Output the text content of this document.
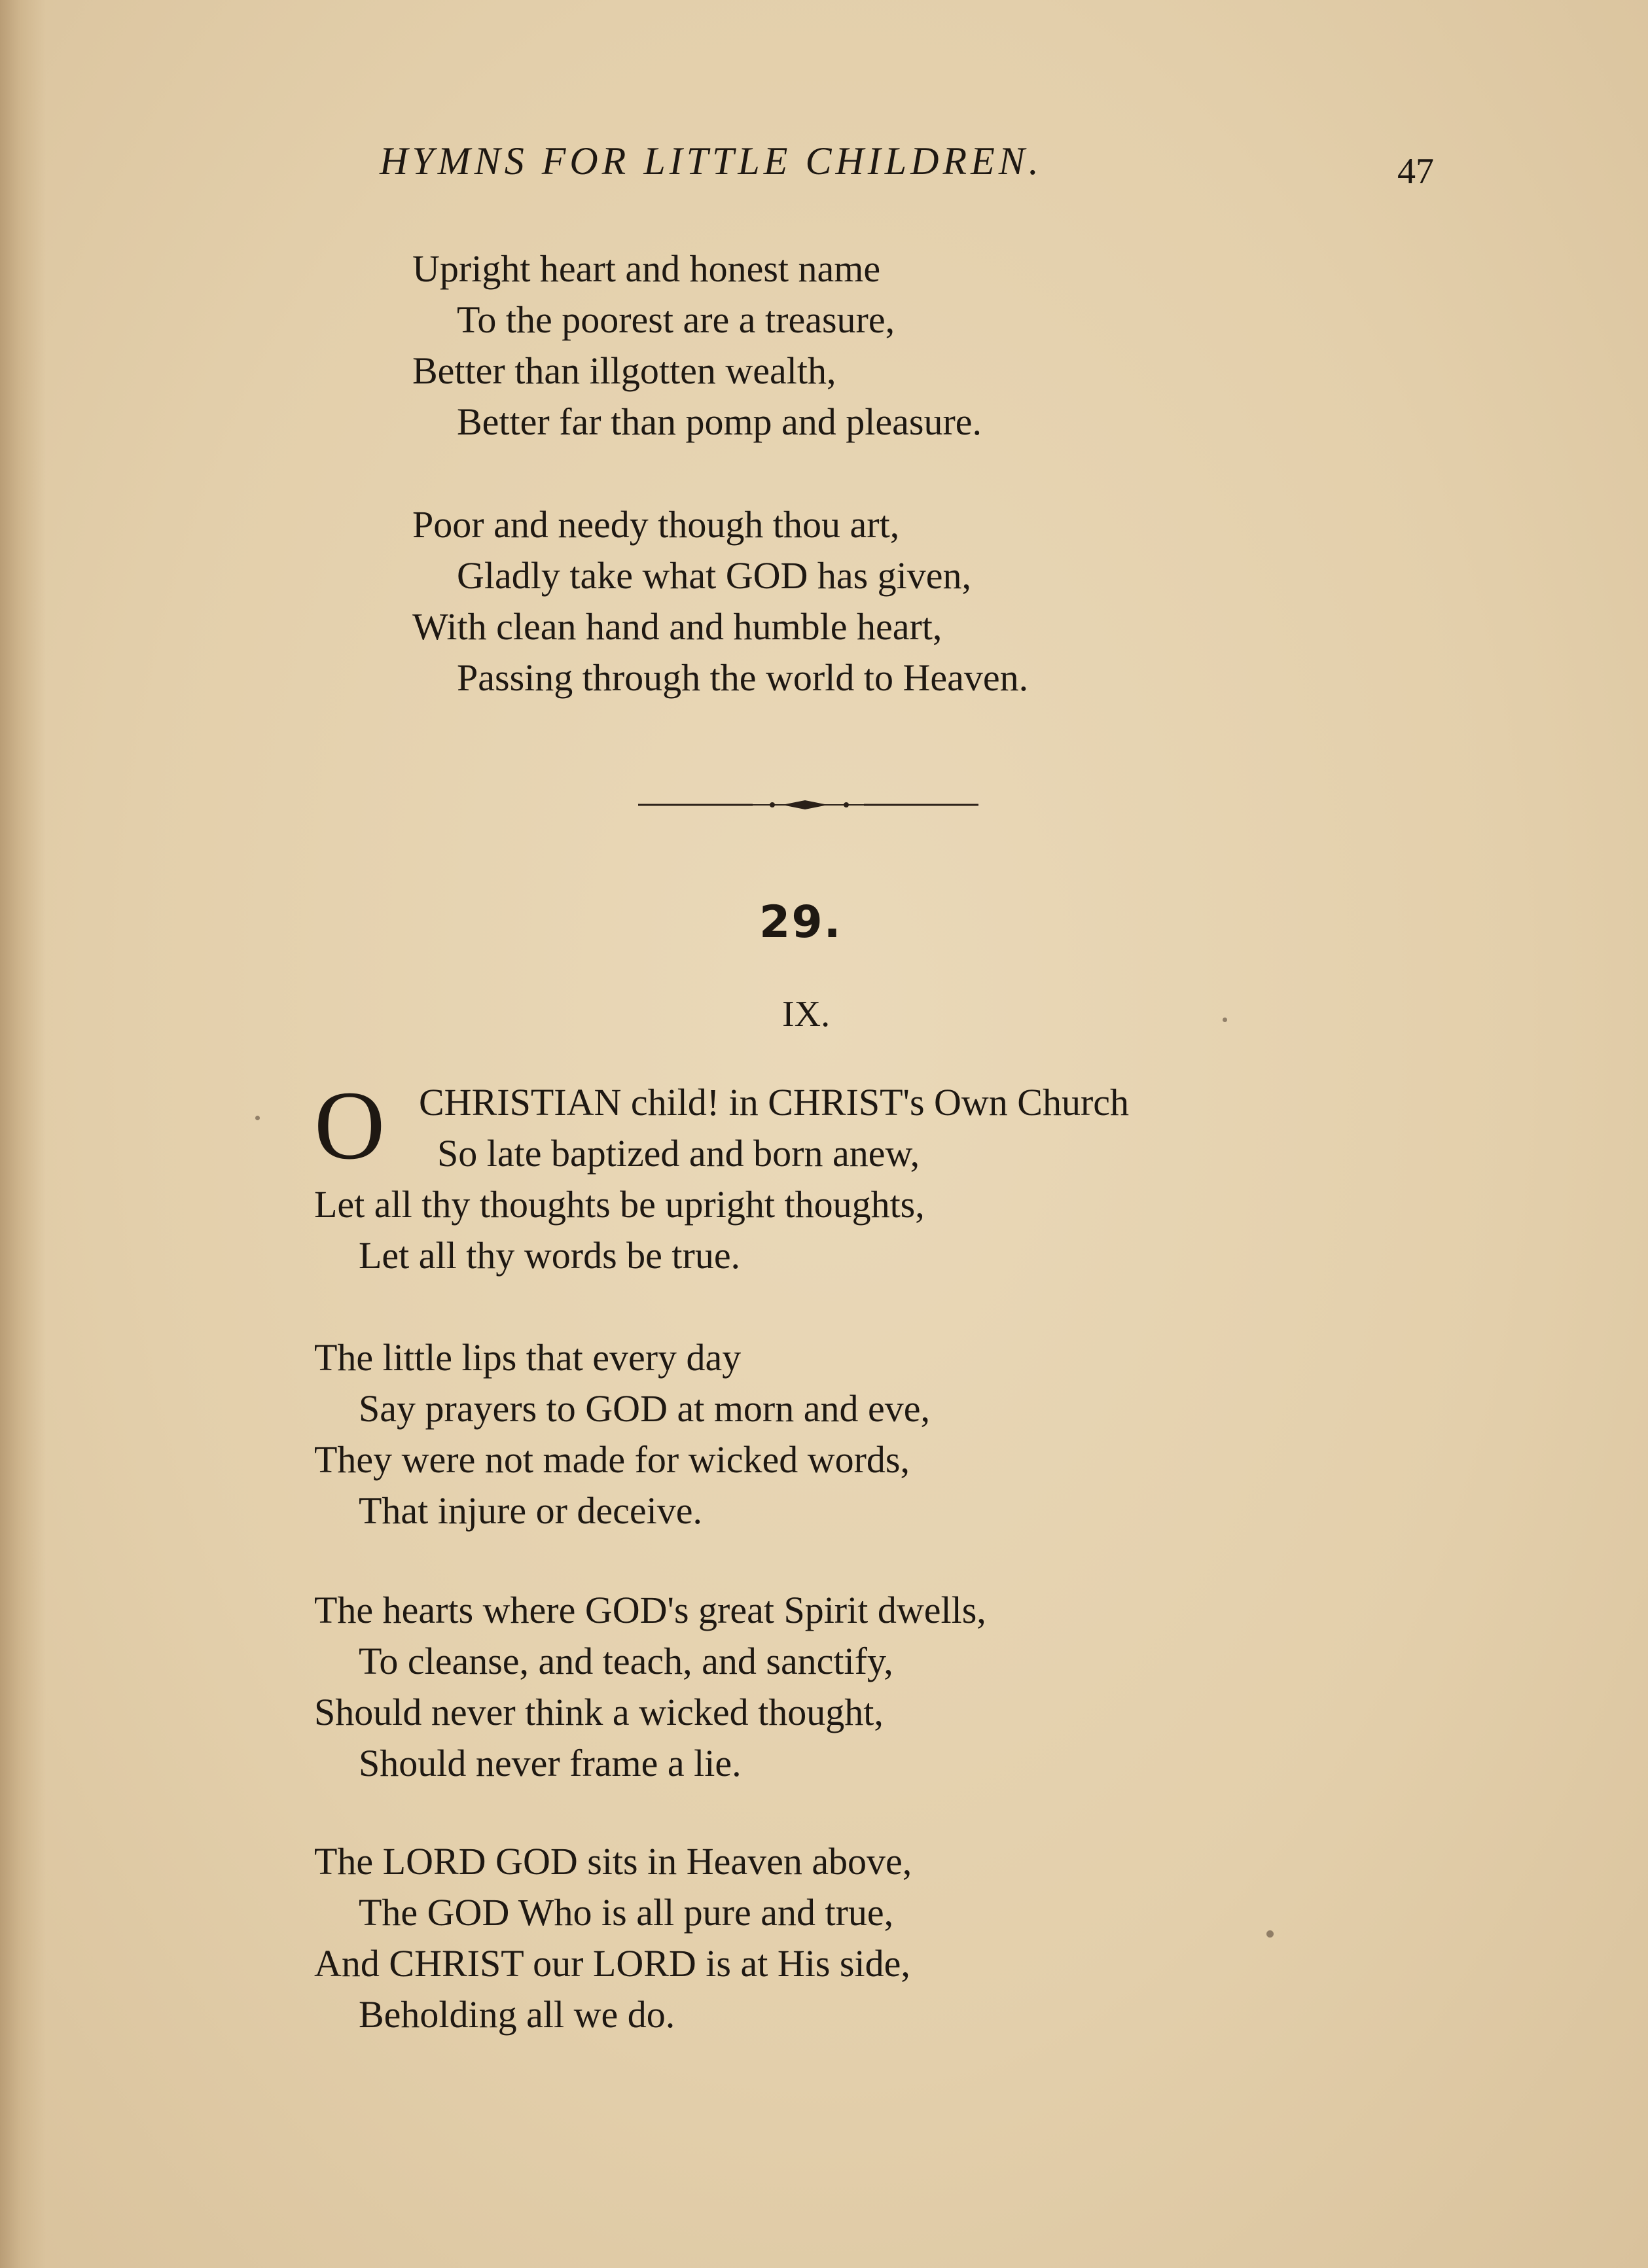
HYMNS FOR LITTLE CHILDREN.	47
Upright heart and honest name
To the poorest are a treasure,
Better than illgotten wealth,
Better far than pomp and pleasure.
Poor and needy though thou art,
Gladly take what GOD has given,
With clean hand and humble heart,
Passing through the world to Heaven.
29.
IX.
O CHRISTIAN child! in CHRIST's Own Church
So late baptized and born anew,
Let all thy thoughts be upright thoughts,
Let all thy words be true.
The little lips that every day
Say prayers to GOD at morn and eve,
They were not made for wicked words,
That injure or deceive.
The hearts where GOD's great Spirit dwells,
To cleanse, and teach, and sanctify,
Should never think a wicked thought,
Should never frame a lie.
The LORD GOD sits in Heaven above,
The GOD Who is all pure and true,
And CHRIST our LORD is at His side,
Beholding all we do.
